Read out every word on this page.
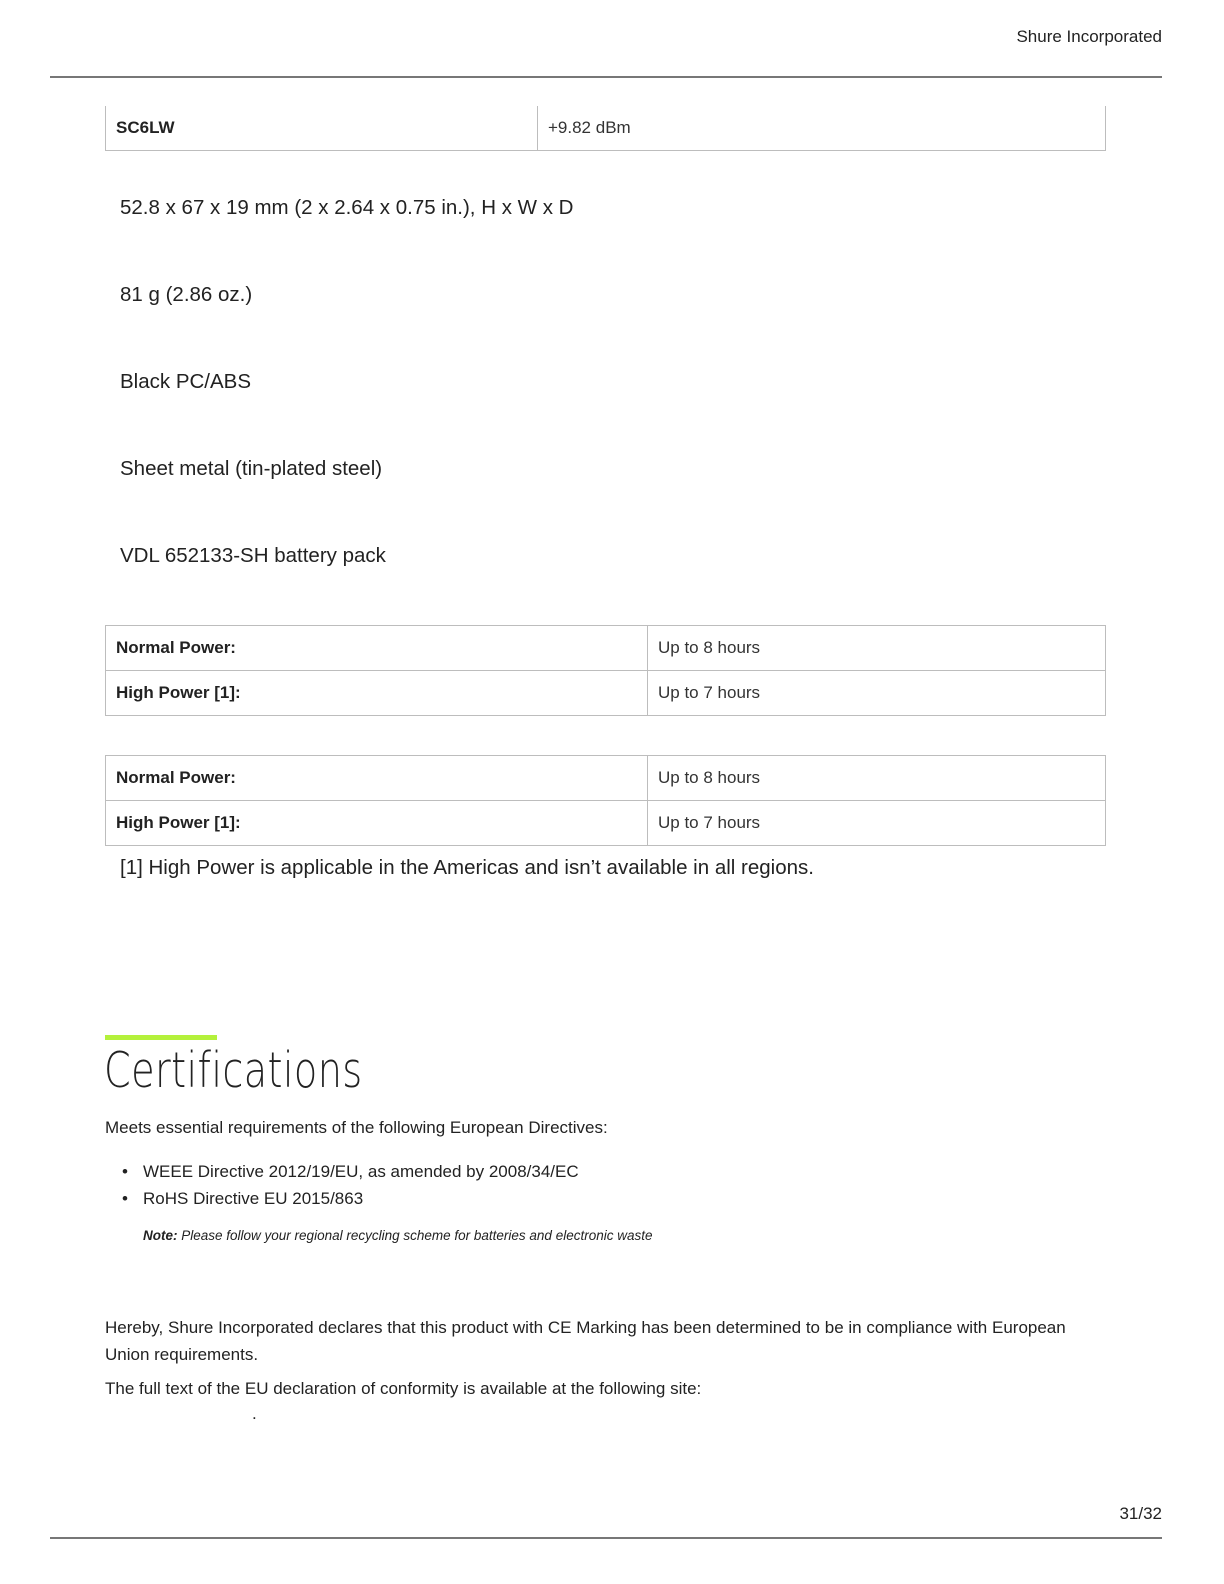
Shure Incorporated
SC6LW	+9.82 dBm
52.8 x 67 x 19 mm (2 x 2.64 x 0.75 in.), H x W x D
81 g (2.86 oz.)
Black PC/ABS
Sheet metal (tin-plated steel)
VDL 652133-SH battery pack
Normal Power:	Up to 8 hours
High Power [1]:	Up to 7 hours
Normal Power:	Up to 8 hours
High Power [1]:	Up to 7 hours
[1] High Power is applicable in the Americas and isn’t available in all regions.
Certifications
Meets essential requirements of the following European Directives:
• WEEE Directive 2012/19/EU, as amended by 2008/34/EC
• RoHS Directive EU 2015/863
Note: Please follow your regional recycling scheme for batteries and electronic waste
Hereby, Shure Incorporated declares that this product with CE Marking has been determined to be in compliance with European Union requirements.
The full text of the EU declaration of conformity is available at the following site:
.
31/32
